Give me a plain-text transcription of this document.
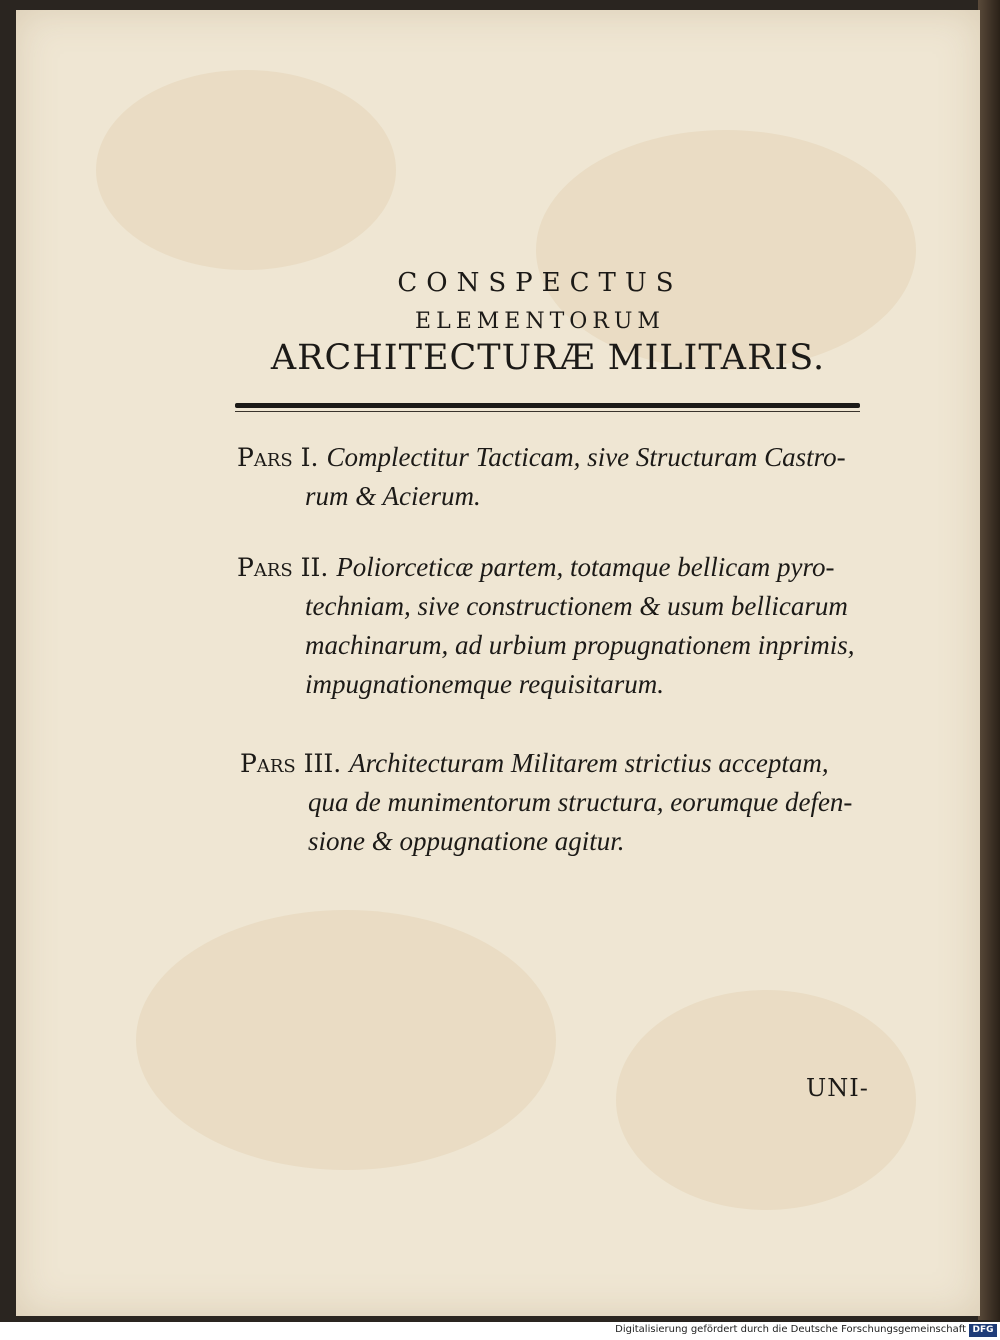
CONSPECTUS
ELEMENTORUM
ARCHITECTURÆ MILITARIS.
Pars I. Complectitur Tacticam, sive Structuram Castro-
rum & Acierum.
Pars II. Poliorceticæ partem, totamque bellicam pyro-
techniam, sive constructionem & usum bellicarum
machinarum, ad urbium propugnationem inprimis,
impugnationemque requisitarum.
Pars III. Architecturam Militarem strictius acceptam,
qua de munimentorum structura, eorumque defen-
sione & oppugnatione agitur.
UNI-
Digitalisierung gefördert durch die Deutsche Forschungsgemeinschaft DFG
